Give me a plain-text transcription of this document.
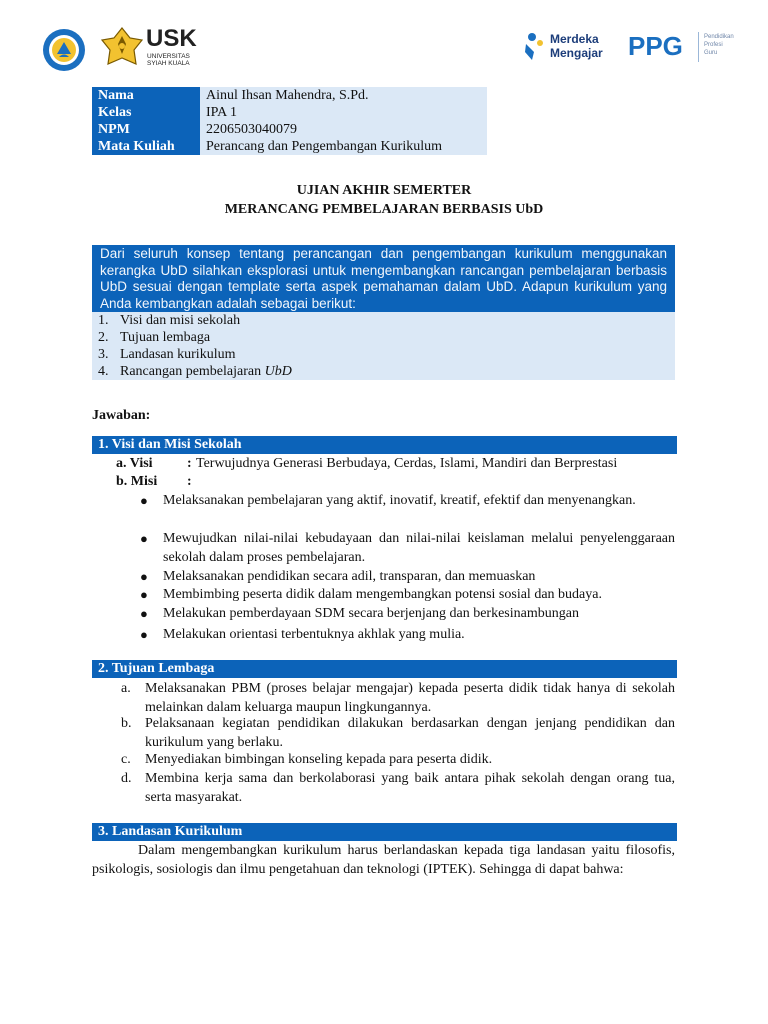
USK
UNIVERSITAS
SYIAH KUALA
Merdeka
Mengajar PPG	Pendidikan
Profesi
Guru
Nama	Ainul Ihsan Mahendra, S.Pd.
Kelas	IPA 1
NPM	2206503040079
Mata Kuliah	Perancang dan Pengembangan Kurikulum
UJIAN AKHIR SEMERTER
MERANCANG PEMBELAJARAN BERBASIS UbD
Dari seluruh konsep tentang perancangan dan pengembangan kurikulum menggunakan kerangka UbD silahkan eksplorasi untuk mengembangkan rancangan pembelajaran berbasis UbD sesuai dengan template serta aspek pemahaman dalam UbD. Adapun kurikulum yang Anda kembangkan adalah sebagai berikut:
1. Visi dan misi sekolah
2. Tujuan lembaga
3. Landasan kurikulum
4. Rancangan pembelajaran UbD
Jawaban:
1. Visi dan Misi Sekolah
a. Visi : Terwujudnya Generasi Berbudaya, Cerdas, Islami, Mandiri dan Berprestasi
b. Misi :
● Melaksanakan pembelajaran yang aktif, inovatif, kreatif, efektif dan menyenangkan.
● Mewujudkan nilai-nilai kebudayaan dan nilai-nilai keislaman melalui penyelenggaraan sekolah dalam proses pembelajaran.
● Melaksanakan pendidikan secara adil, transparan, dan memuaskan
● Membimbing peserta didik dalam mengembangkan potensi sosial dan budaya.
● Melakukan pemberdayaan SDM secara berjenjang dan berkesinambungan
● Melakukan orientasi terbentuknya akhlak yang mulia.
2. Tujuan Lembaga
a. Melaksanakan PBM (proses belajar mengajar) kepada peserta didik tidak hanya di sekolah melainkan dalam keluarga maupun lingkungannya.
b. Pelaksanaan kegiatan pendidikan dilakukan berdasarkan dengan jenjang pendidikan dan kurikulum yang berlaku.
c. Menyediakan bimbingan konseling kepada para peserta didik.
d. Membina kerja sama dan berkolaborasi yang baik antara pihak sekolah dengan orang tua, serta masyarakat.
3. Landasan Kurikulum
Dalam mengembangkan kurikulum harus berlandaskan kepada tiga landasan yaitu filosofis, psikologis, sosiologis dan ilmu pengetahuan dan teknologi (IPTEK). Sehingga di dapat bahwa:
